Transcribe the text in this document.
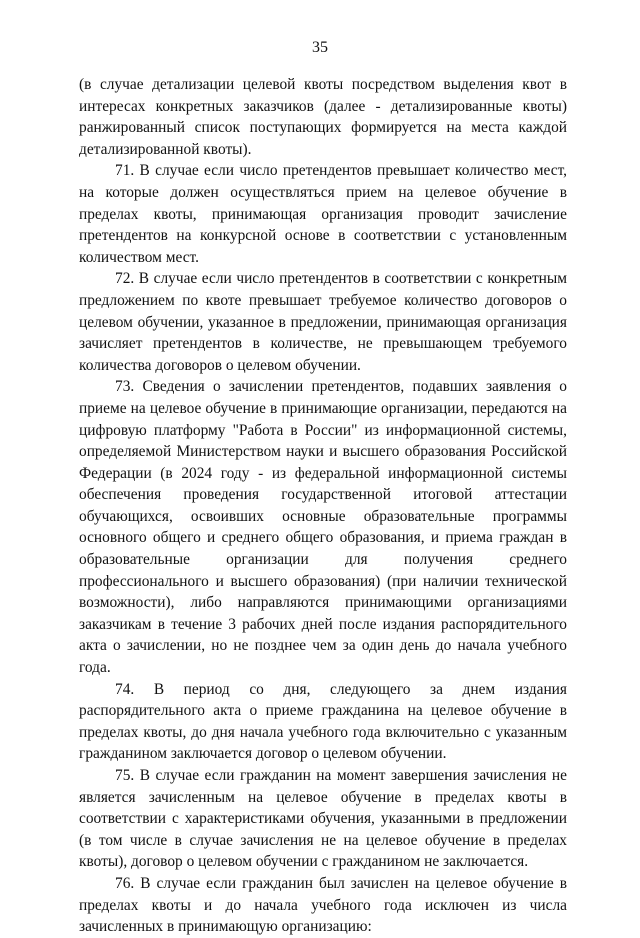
35

(в случае детализации целевой квоты посредством выделения квот в интересах конкретных заказчиков (далее - детализированные квоты) ранжированный список поступающих формируется на места каждой детализированной квоты).

71. В случае если число претендентов превышает количество мест, на которые должен осуществляться прием на целевое обучение в пределах квоты, принимающая организация проводит зачисление претендентов на конкурсной основе в соответствии с установленным количеством мест.

72. В случае если число претендентов в соответствии с конкретным предложением по квоте превышает требуемое количество договоров о целевом обучении, указанное в предложении, принимающая организация зачисляет претендентов в количестве, не превышающем требуемого количества договоров о целевом обучении.

73. Сведения о зачислении претендентов, подавших заявления о приеме на целевое обучение в принимающие организации, передаются на цифровую платформу "Работа в России" из информационной системы, определяемой Министерством науки и высшего образования Российской Федерации (в 2024 году - из федеральной информационной системы обеспечения проведения государственной итоговой аттестации обучающихся, освоивших основные образовательные программы основного общего и среднего общего образования, и приема граждан в образовательные организации для получения среднего профессионального и высшего образования) (при наличии технической возможности), либо направляются принимающими организациями заказчикам в течение 3 рабочих дней после издания распорядительного акта о зачислении, но не позднее чем за один день до начала учебного года.

74. В период со дня, следующего за днем издания распорядительного акта о приеме гражданина на целевое обучение в пределах квоты, до дня начала учебного года включительно с указанным гражданином заключается договор о целевом обучении.

75. В случае если гражданин на момент завершения зачисления не является зачисленным на целевое обучение в пределах квоты в соответствии с характеристиками обучения, указанными в предложении (в том числе в случае зачисления не на целевое обучение в пределах квоты), договор о целевом обучении с гражданином не заключается.

76. В случае если гражданин был зачислен на целевое обучение в пределах квоты и до начала учебного года исключен из числа зачисленных в принимающую организацию:
